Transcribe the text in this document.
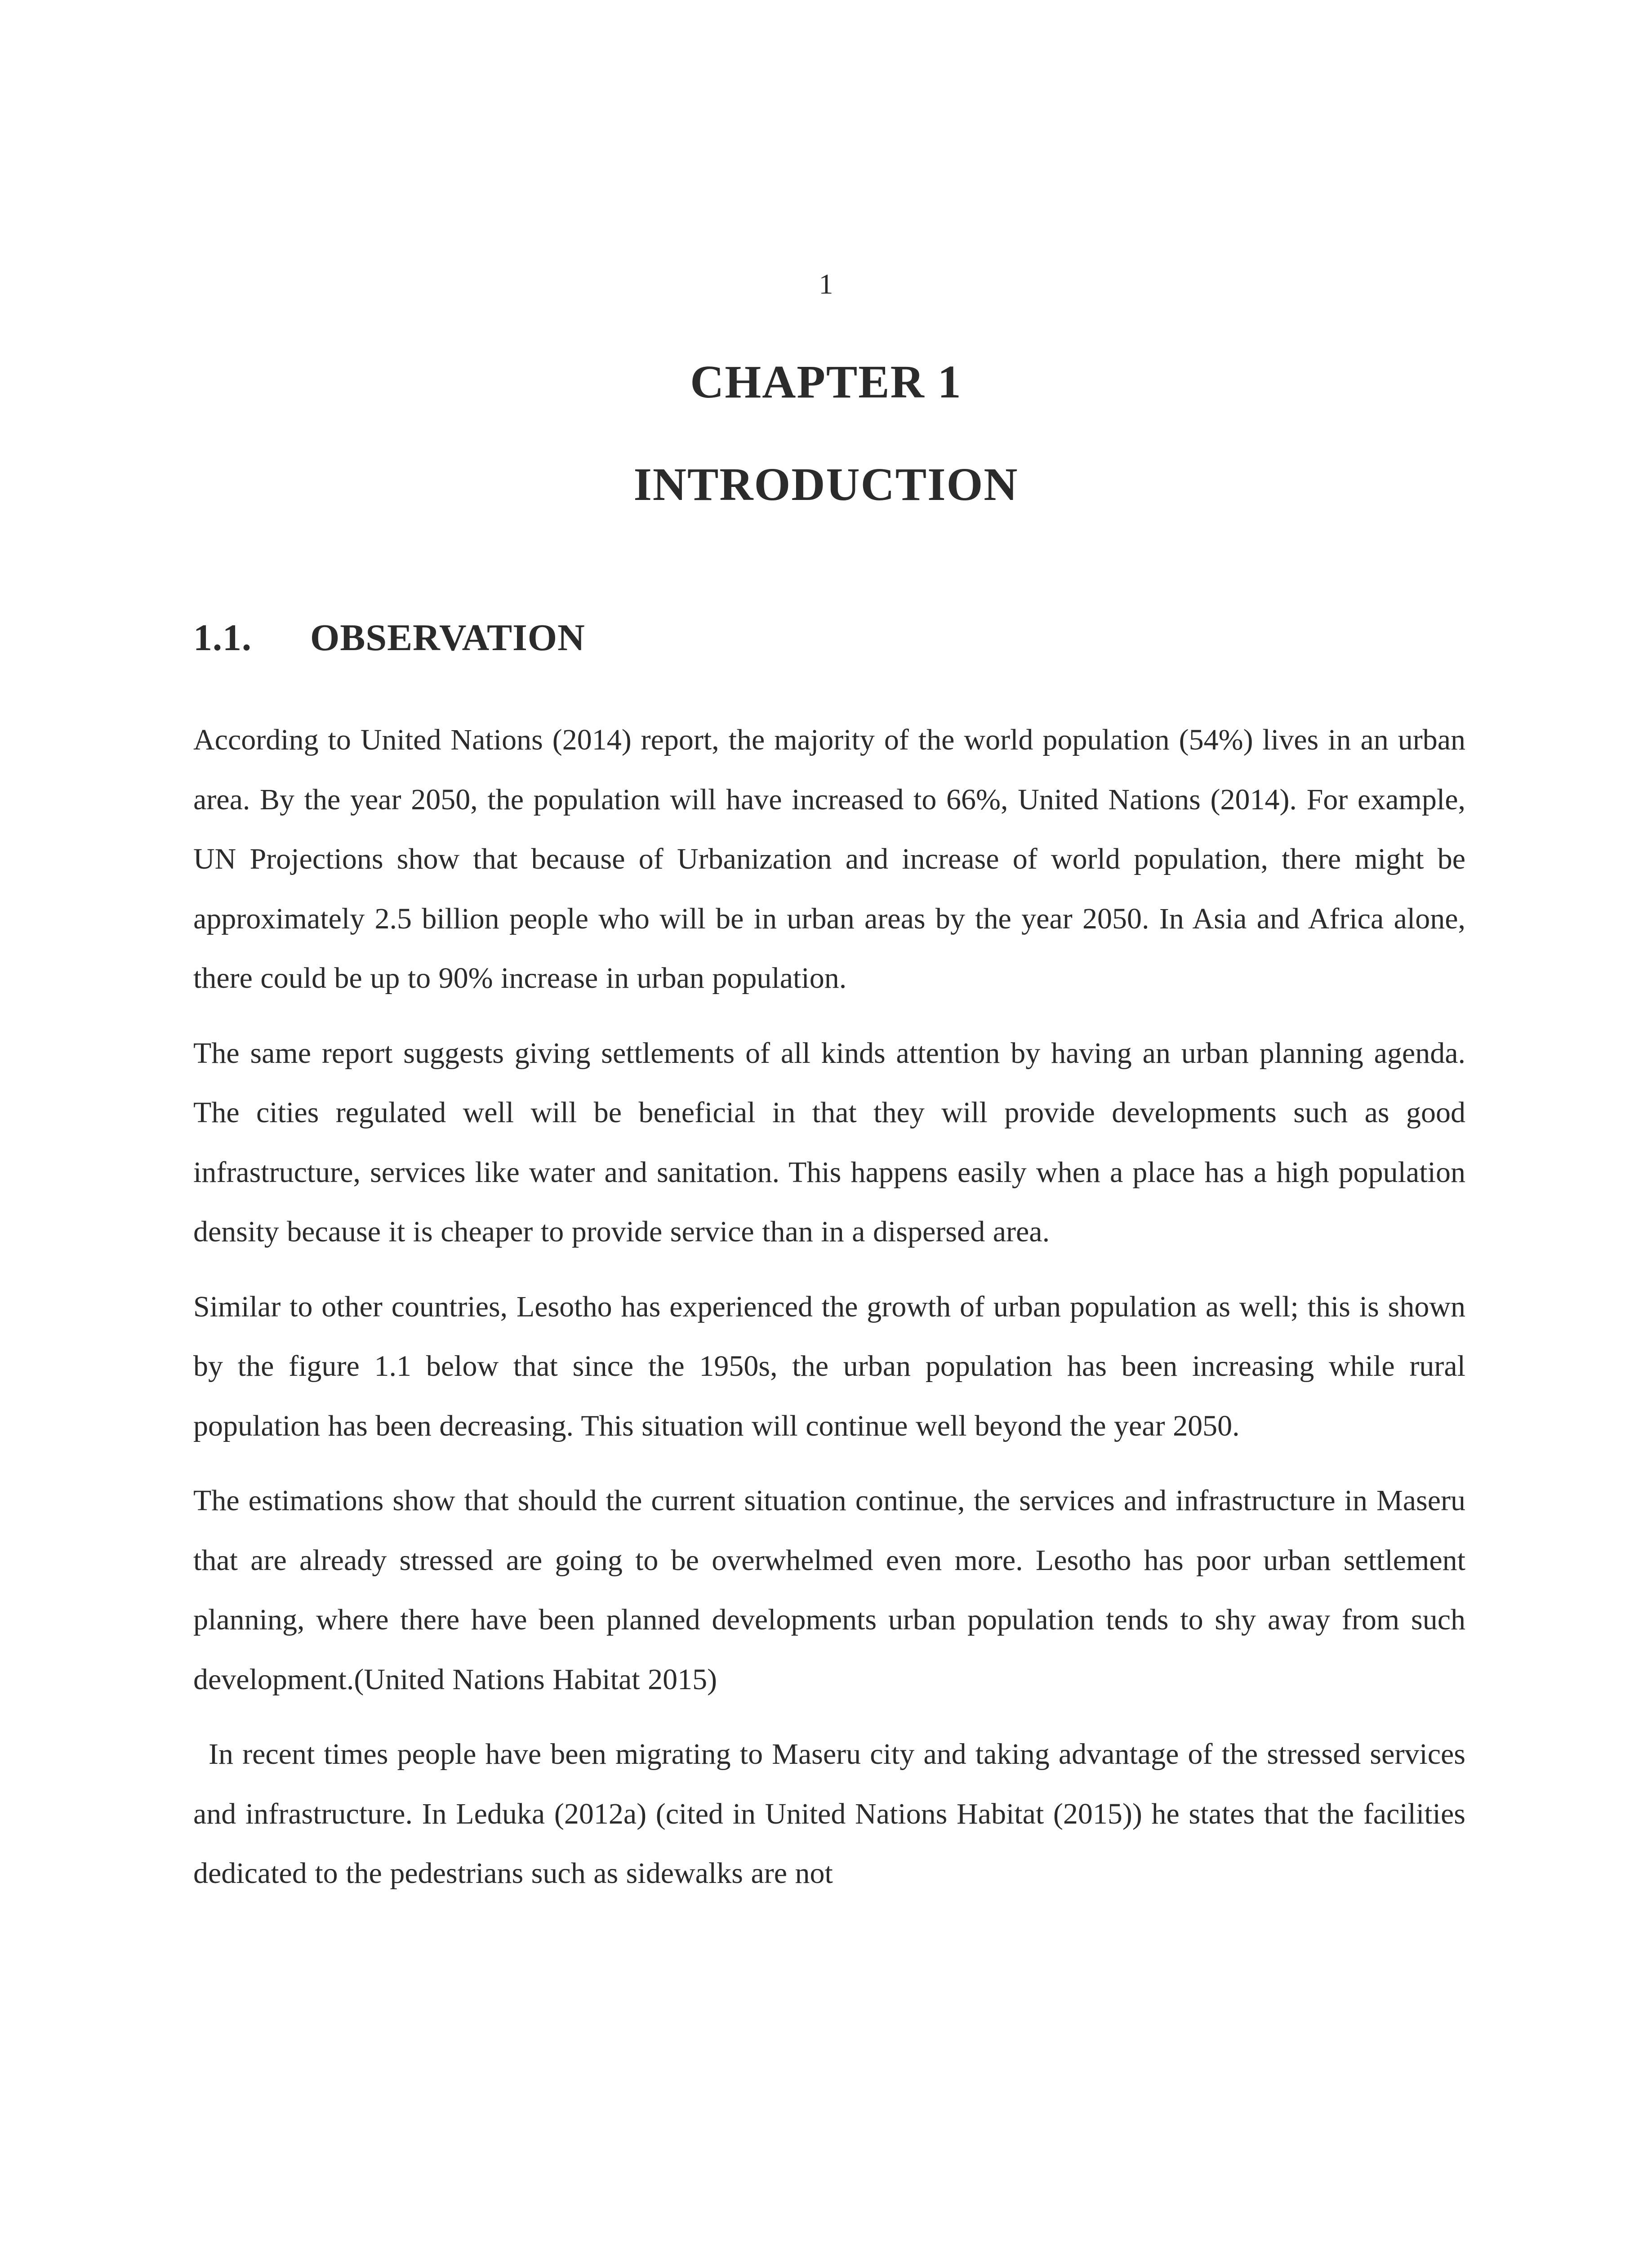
1
CHAPTER 1
INTRODUCTION
1.1. OBSERVATION

According to United Nations (2014) report, the majority of the world population (54%) lives in an urban area. By the year 2050, the population will have increased to 66%, United Nations (2014). For example, UN Projections show that because of Urbanization and increase of world population, there might be approximately 2.5 billion people who will be in urban areas by the year 2050. In Asia and Africa alone, there could be up to 90% increase in urban population.

The same report suggests giving settlements of all kinds attention by having an urban planning agenda. The cities regulated well will be beneficial in that they will provide developments such as good infrastructure, services like water and sanitation. This happens easily when a place has a high population density because it is cheaper to provide service than in a dispersed area.

Similar to other countries, Lesotho has experienced the growth of urban population as well; this is shown by the figure 1.1 below that since the 1950s, the urban population has been increasing while rural population has been decreasing. This situation will continue well beyond the year 2050.

The estimations show that should the current situation continue, the services and infrastructure in Maseru that are already stressed are going to be overwhelmed even more. Lesotho has poor urban settlement planning, where there have been planned developments urban population tends to shy away from such development.(United Nations Habitat 2015)

In recent times people have been migrating to Maseru city and taking advantage of the stressed services and infrastructure. In Leduka (2012a) (cited in United Nations Habitat (2015)) he states that the facilities dedicated to the pedestrians such as sidewalks are not
